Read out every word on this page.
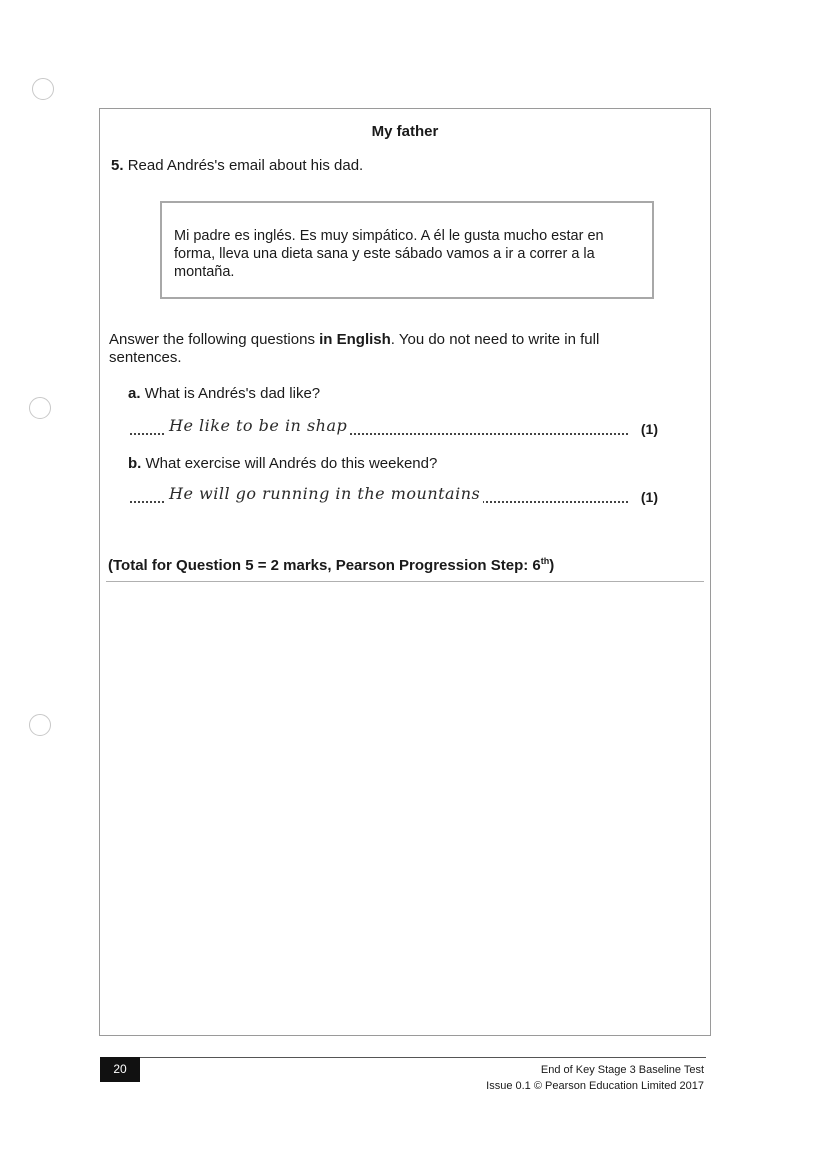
My father
5. Read Andrés's email about his dad.
Mi padre es inglés. Es muy simpático. A él le gusta mucho estar en forma, lleva una dieta sana y este sábado vamos a ir a correr a la montaña.
Answer the following questions in English. You do not need to write in full sentences.
a. What is Andrés's dad like?
He like to be in shap	(1)
b. What exercise will Andrés do this weekend?
He will go running in the mountains	(1)
(Total for Question 5 = 2 marks, Pearson Progression Step: 6th)
20	End of Key Stage 3 Baseline Test
Issue 0.1 © Pearson Education Limited 2017
